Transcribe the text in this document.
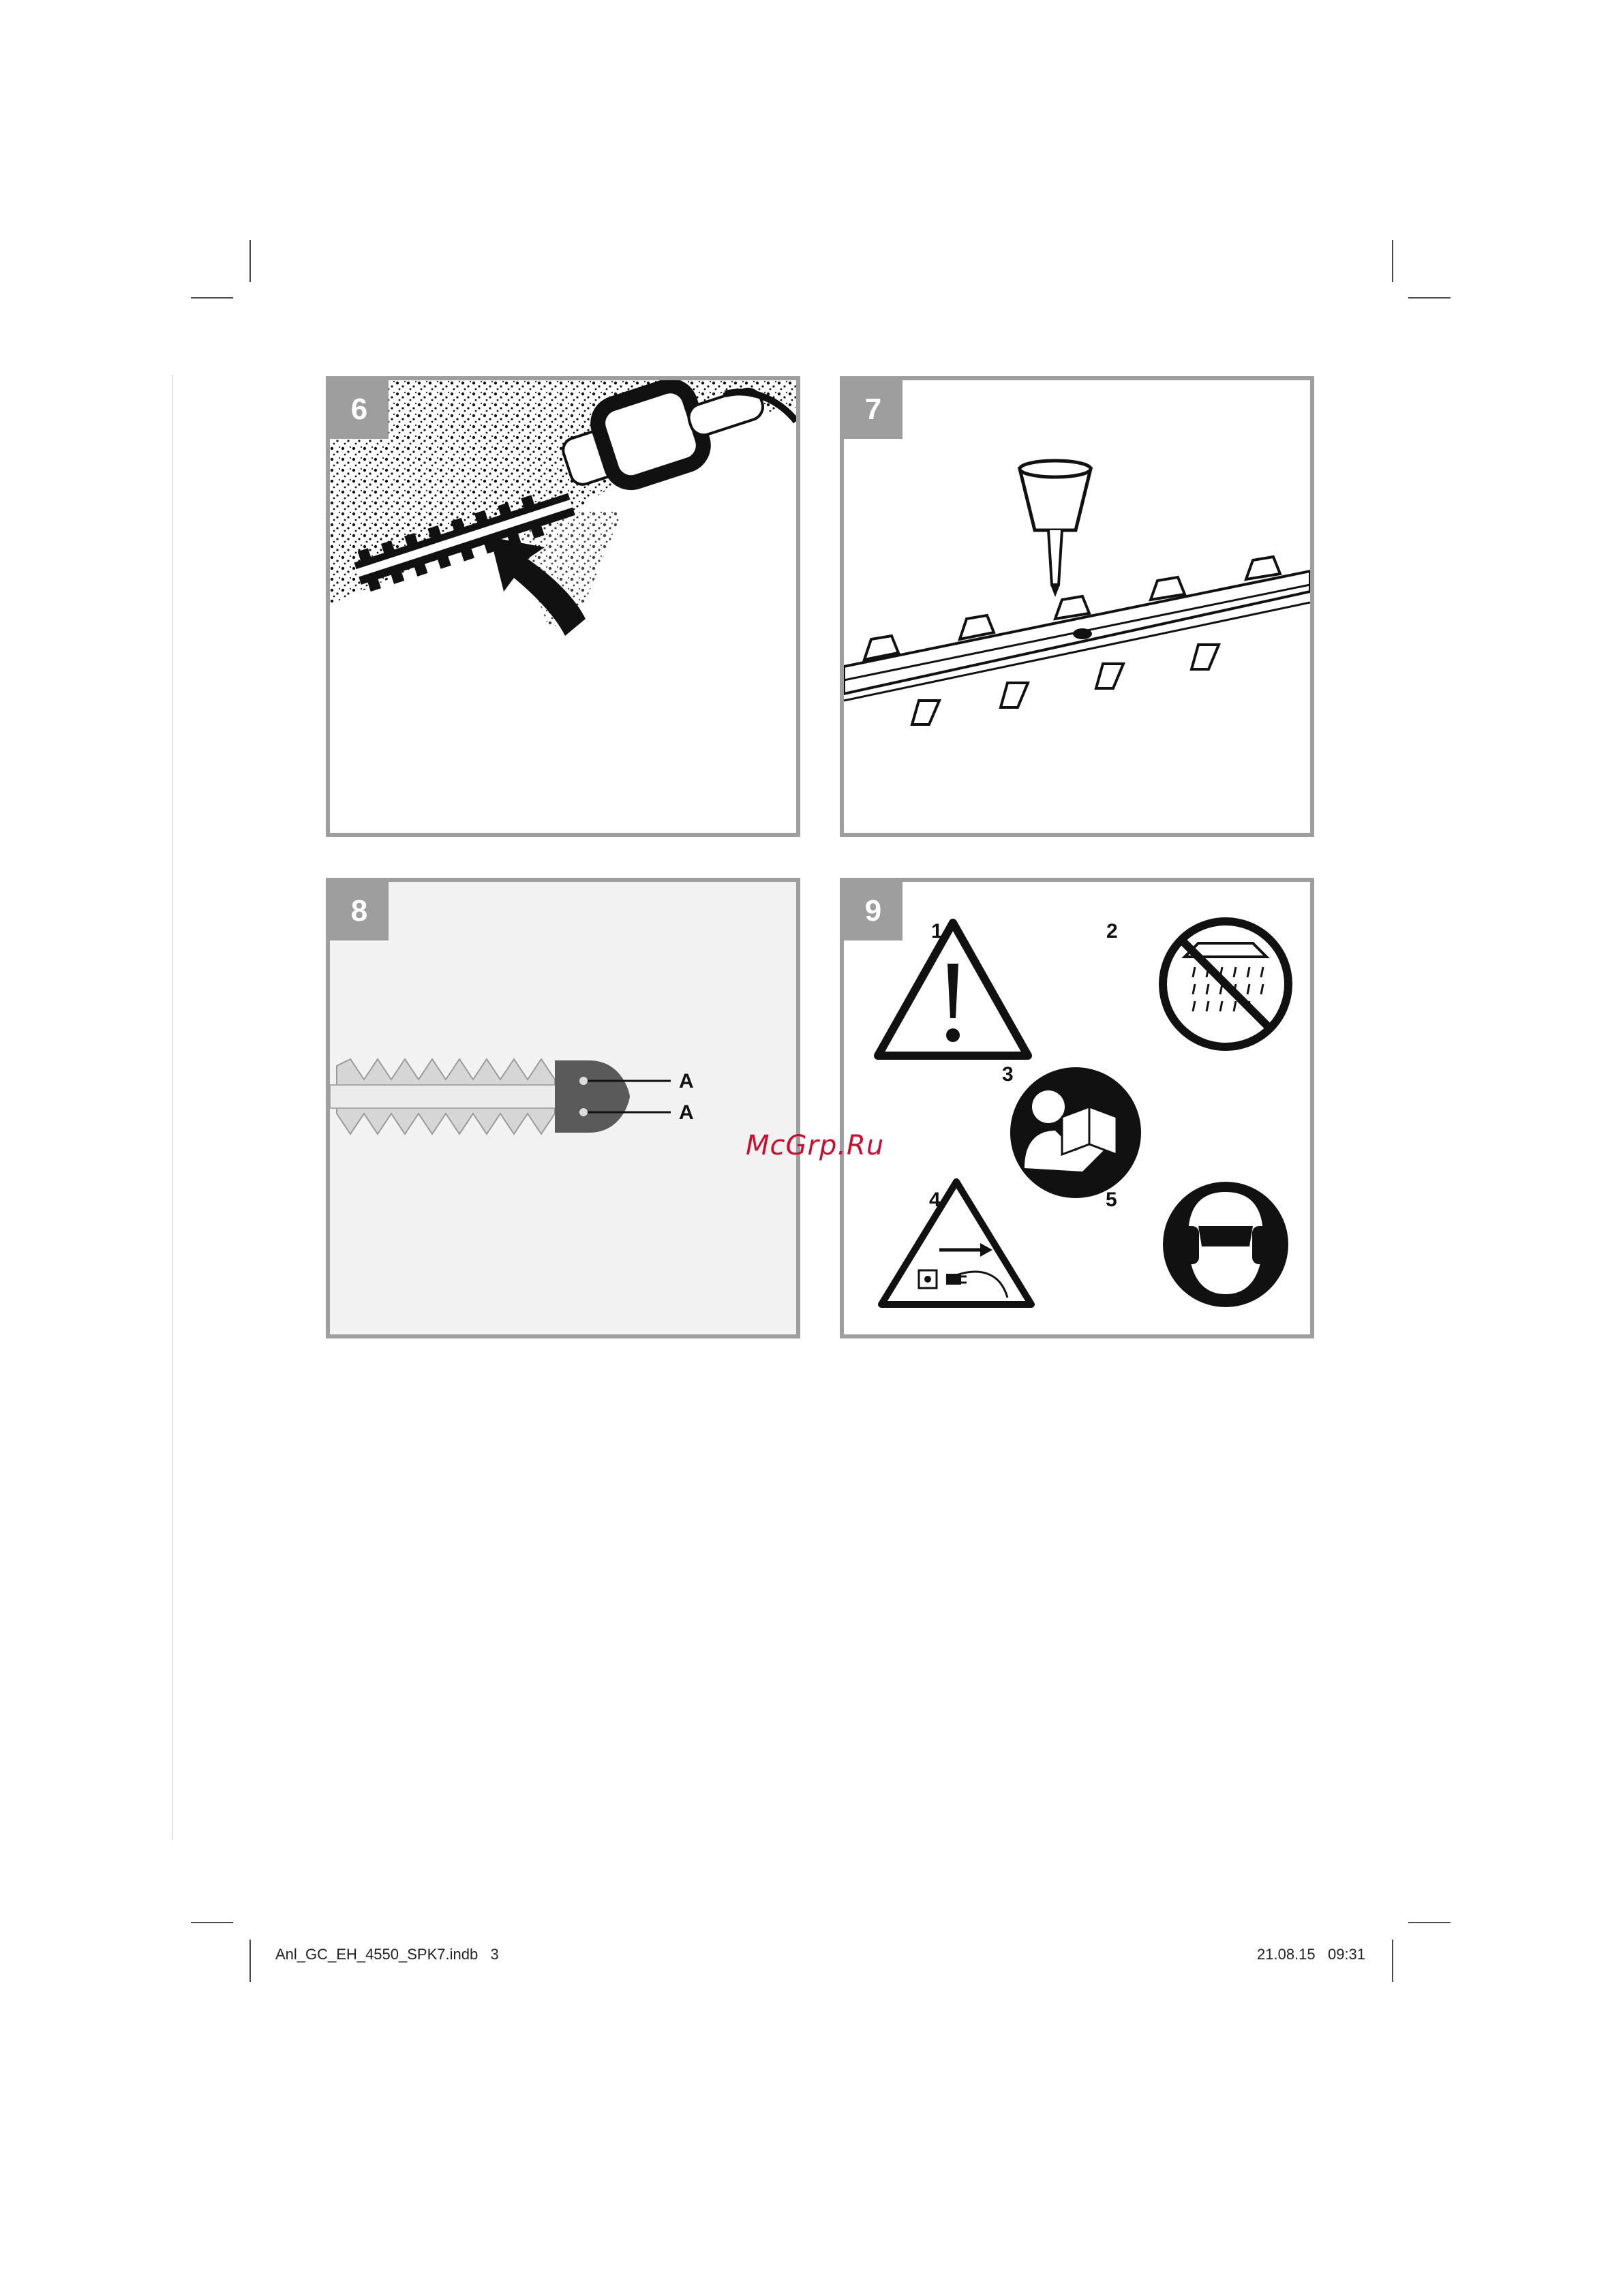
6	7
8
A
A
9
1	2
3
4	5
McGrp.Ru
Anl_GC_EH_4550_SPK7.indb   3	21.08.15   09:31
